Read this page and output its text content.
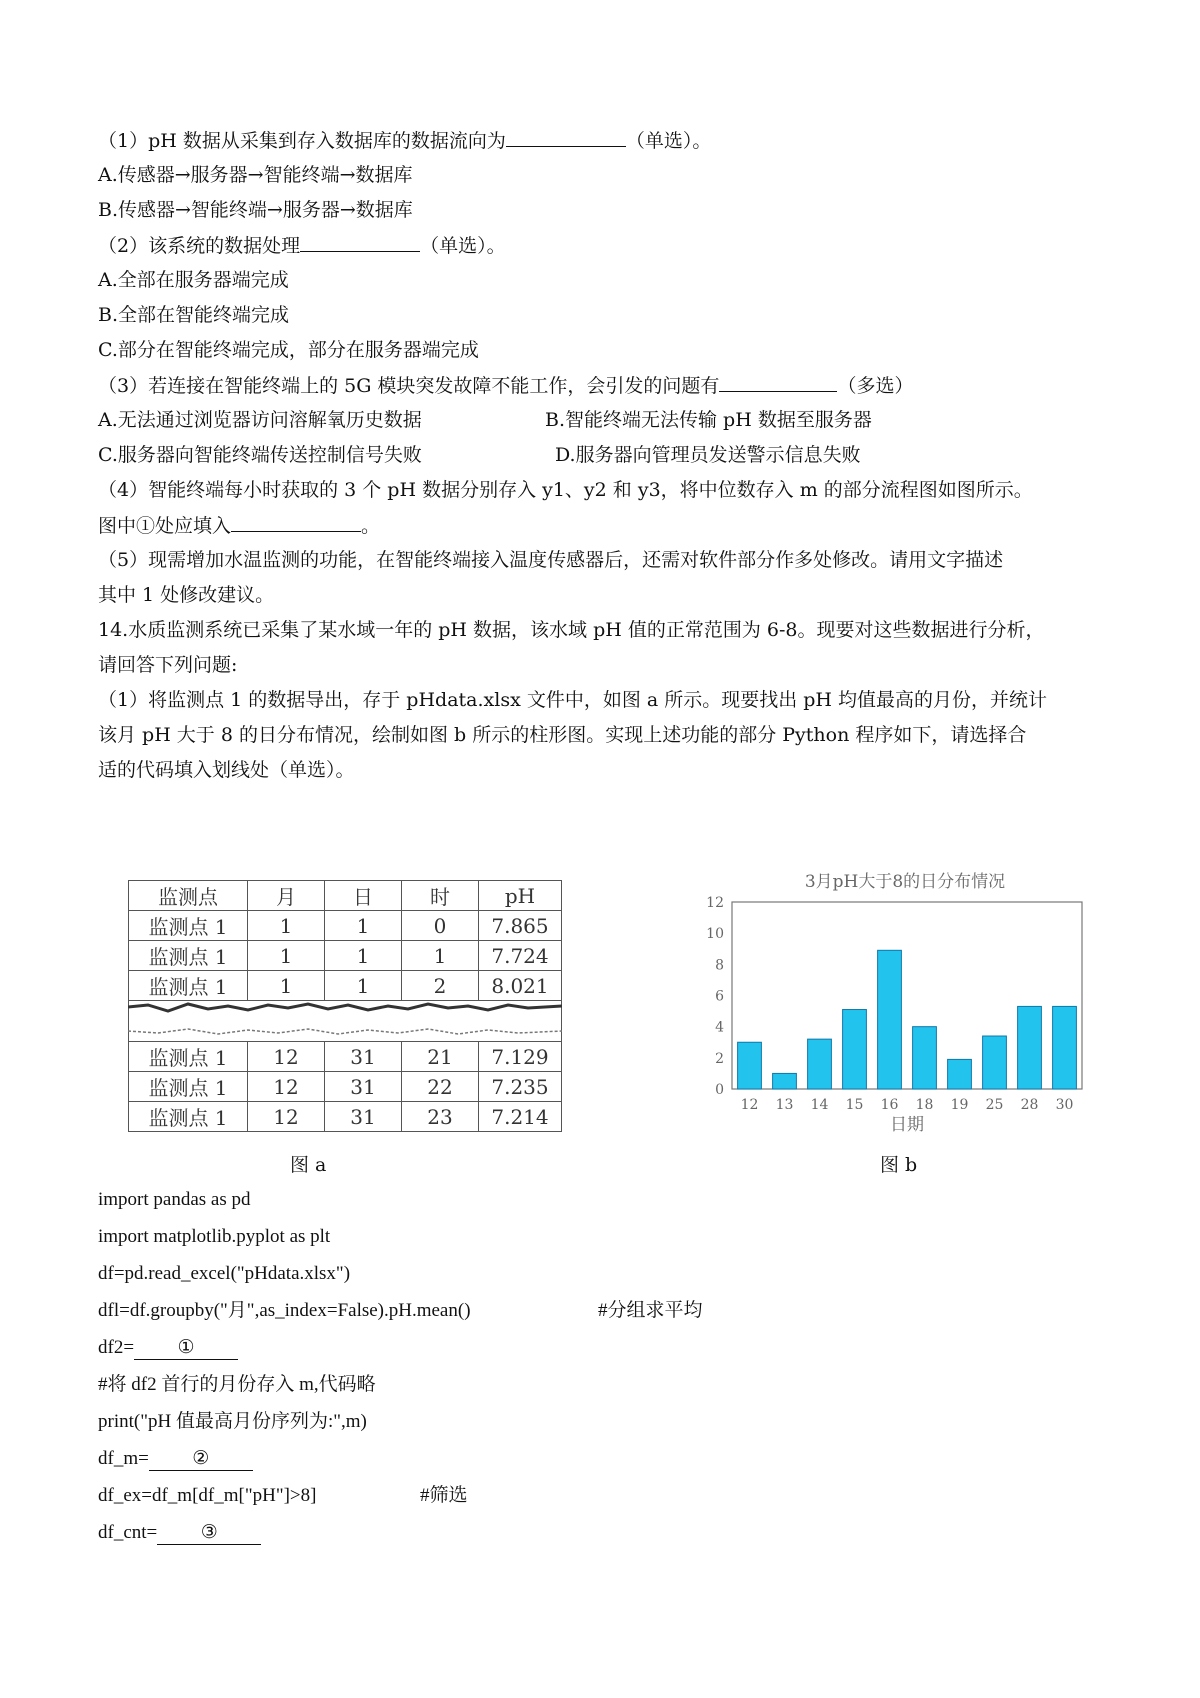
（1）pH 数据从采集到存入数据库的数据流向为	（单选）。
A.传感器→服务器→智能终端→数据库
B.传感器→智能终端→服务器→数据库
（2）该系统的数据处理	（单选）。
A.全部在服务器端完成
B.全部在智能终端完成
C.部分在智能终端完成，部分在服务器端完成
（3）若连接在智能终端上的 5G 模块突发故障不能工作，会引发的问题有	（多选）
A.无法通过浏览器访问溶解氧历史数据	B.智能终端无法传输 pH 数据至服务器
C.服务器向智能终端传送控制信号失败	D.服务器向管理员发送警示信息失败
（4）智能终端每小时获取的 3 个 pH 数据分别存入 y1、y2 和 y3，将中位数存入 m 的部分流程图如图所示。
图中①处应填入	。
（5）现需增加水温监测的功能，在智能终端接入温度传感器后，还需对软件部分作多处修改。请用文字描述
其中 1 处修改建议。
14.水质监测系统已采集了某水域一年的 pH 数据，该水域 pH 值的正常范围为 6-8。现要对这些数据进行分析，
请回答下列问题:
（1）将监测点 1 的数据导出，存于 pHdata.xlsx 文件中，如图 a 所示。现要找出 pH 均值最高的月份，并统计
该月 pH 大于 8 的日分布情况，绘制如图 b 所示的柱形图。实现上述功能的部分 Python 程序如下，请选择合
适的代码填入划线处（单选）。
监测点	月	日	时	pH
监测点 1	1	1	0	7.865
监测点 1	1	1	1	7.724
监测点 1	1	1	2	8.021
监测点 1	12	31	21	7.129
监测点 1	12	31	22	7.235
监测点 1	12	31	23	7.214
图 a
3月pH大于8的日分布情况
0
2
4
6
8
10
12
12 13 14 15 16 18 19 25 28 30
日期
图 b
import pandas as pd
import matplotlib.pyplot as plt
df=pd.read_excel("pHdata.xlsx")
dfl=df.groupby("月",as_index=False).pH.mean()	#分组求平均
df2= ①
#将 df2 首行的月份存入 m,代码略
print("pH 值最高月份序列为:",m)
df_m= ②
df_ex=df_m[df_m["pH"]>8]	#筛选
df_cnt= ③
